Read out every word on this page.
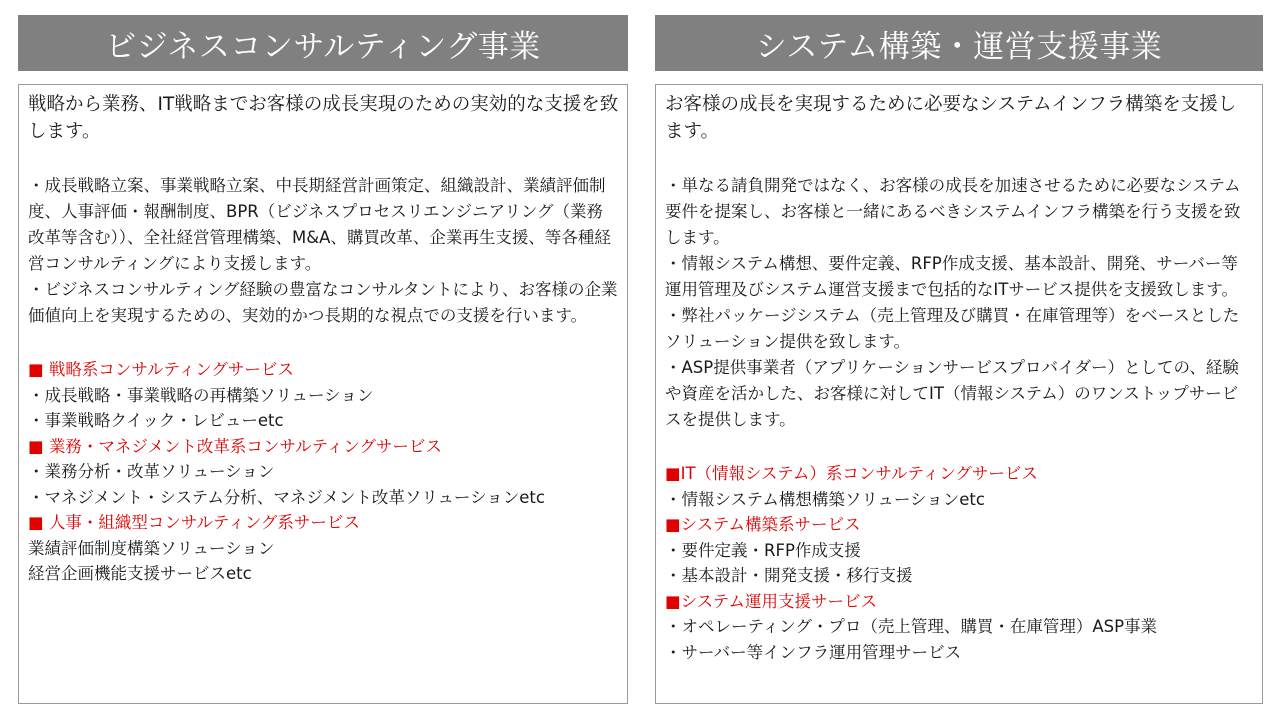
ビジネスコンサルティング事業

戦略から業務、IT戦略までお客様の成長実現のための実効的な支援を致します。

・成長戦略立案、事業戦略立案、中長期経営計画策定、組織設計、業績評価制度、人事評価・報酬制度、BPR（ビジネスプロセスリエンジニアリング（業務改革等含む））、全社経営管理構築、M&A、購買改革、企業再生支援、等各種経営コンサルティングにより支援します。

・ビジネスコンサルティング経験の豊富なコンサルタントにより、お客様の企業価値向上を実現するための、実効的かつ長期的な視点での支援を行います。

■ 戦略系コンサルティングサービス

・成長戦略・事業戦略の再構築ソリューション

・事業戦略クイック・レビューetc

■ 業務・マネジメント改革系コンサルティングサービス

・業務分析・改革ソリューション

・マネジメント・システム分析、マネジメント改革ソリューションetc

■ 人事・組織型コンサルティング系サービス

業績評価制度構築ソリューション

経営企画機能支援サービスetc

システム構築・運営支援事業

お客様の成長を実現するために必要なシステムインフラ構築を支援します。

・単なる請負開発ではなく、お客様の成長を加速させるために必要なシステム要件を提案し、お客様と一緒にあるべきシステムインフラ構築を行う支援を致します。

・情報システム構想、要件定義、RFP作成支援、基本設計、開発、サーバー等運用管理及びシステム運営支援まで包括的なITサービス提供を支援致します。

・弊社パッケージシステム（売上管理及び購買・在庫管理等）をベースとしたソリューション提供を致します。

・ASP提供事業者（アプリケーションサービスプロバイダー）としての、経験や資産を活かした、お客様に対してIT（情報システム）のワンストップサービスを提供します。

■IT（情報システム）系コンサルティングサービス

・情報システム構想構築ソリューションetc

■システム構築系サービス

・要件定義・RFP作成支援

・基本設計・開発支援・移行支援

■システム運用支援サービス

・オペレーティング・プロ（売上管理、購買・在庫管理）ASP事業

・サーバー等インフラ運用管理サービス
